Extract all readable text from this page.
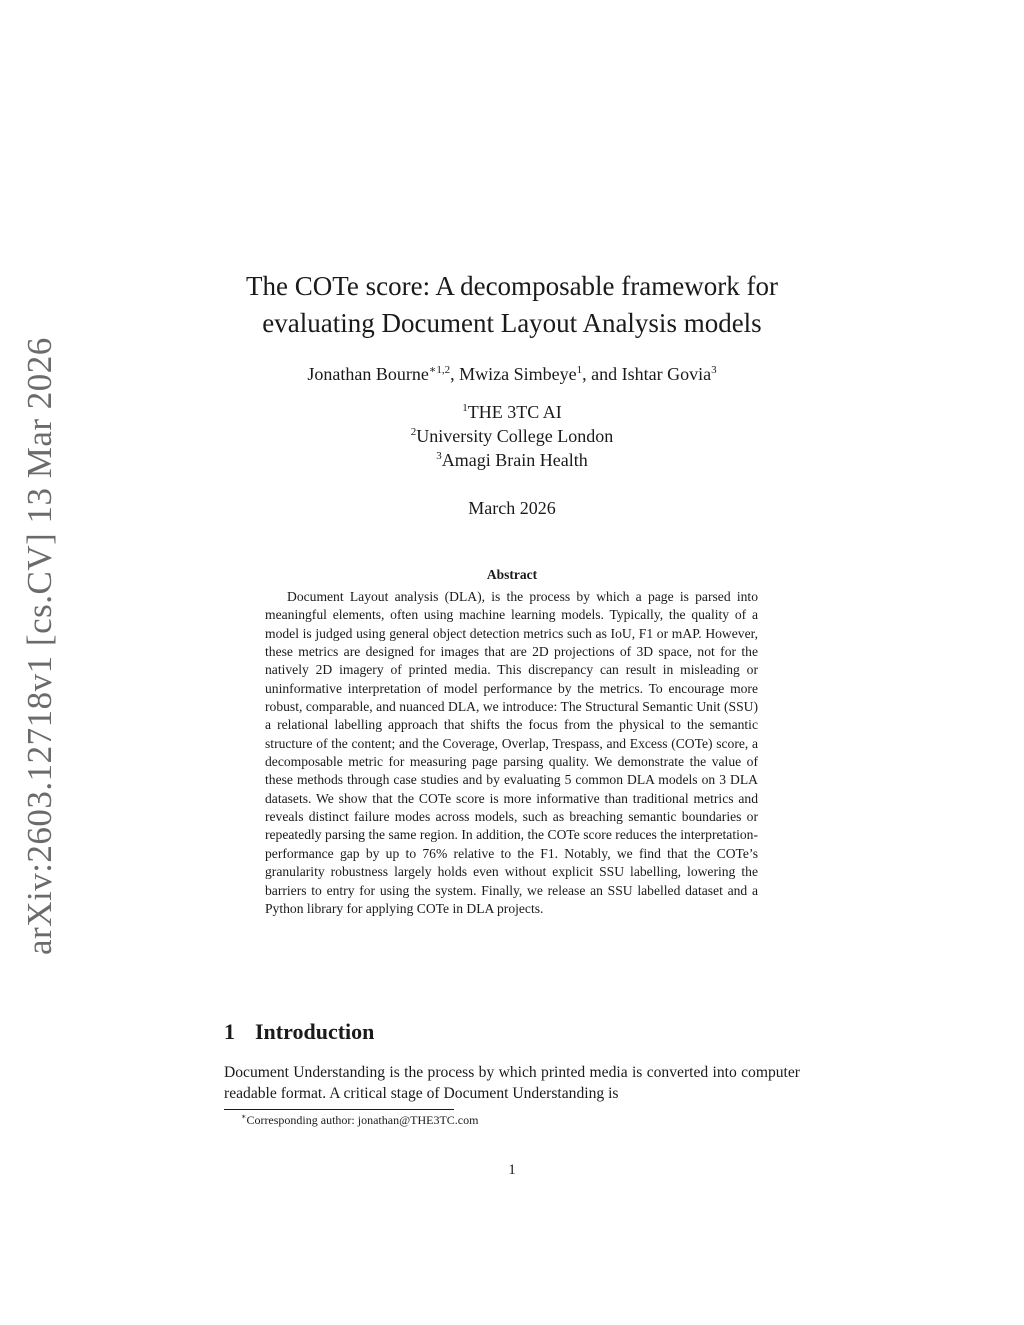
arXiv:2603.12718v1 [cs.CV] 13 Mar 2026
The COTe score: A decomposable framework for
evaluating Document Layout Analysis models
Jonathan Bourne$^{∗1,2}$, Mwiza Simbeye$^1$, and Ishtar Govia$^3$
$^1$THE 3TC AI
$^2$University College London
$^3$Amagi Brain Health
March 2026
Abstract
Document Layout analysis (DLA), is the process by which a page is parsed into meaningful elements, often using machine learning models. Typically, the quality of a model is judged using general object detection metrics such as IoU, F1 or mAP. However, these metrics are designed for images that are 2D projections of 3D space, not for the natively 2D imagery of printed media. This discrepancy can result in misleading or uninformative interpretation of model performance by the metrics. To encourage more robust, comparable, and nuanced DLA, we introduce: The Structural Semantic Unit (SSU) a relational labelling approach that shifts the focus from the physical to the semantic structure of the content; and the Coverage, Overlap, Trespass, and Excess (COTe) score, a decomposable metric for measuring page parsing quality. We demonstrate the value of these methods through case studies and by evaluating 5 common DLA models on 3 DLA datasets. We show that the COTe score is more informative than traditional metrics and reveals distinct failure modes across models, such as breaching semantic boundaries or repeatedly parsing the same region. In addition, the COTe score reduces the interpretation-performance gap by up to 76% relative to the F1. Notably, we find that the COTe’s granularity robustness largely holds even without explicit SSU labelling, lowering the barriers to entry for using the system. Finally, we release an SSU labelled dataset and a Python library for applying COTe in DLA projects.
1 Introduction
Document Understanding is the process by which printed media is converted into computer readable format. A critical stage of Document Understanding is
∗Corresponding author: jonathan@THE3TC.com
1
